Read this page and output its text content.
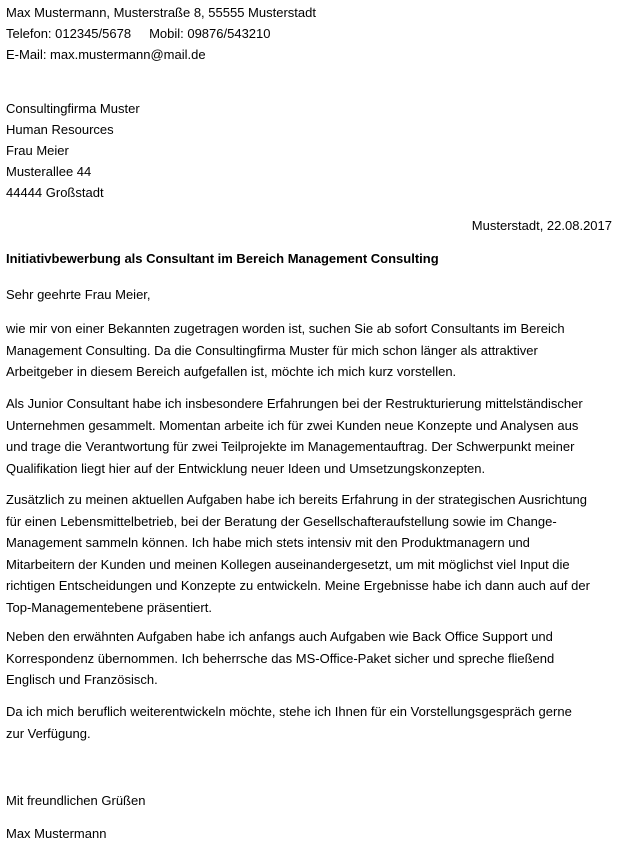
Max Mustermann, Musterstraße 8, 55555 Musterstadt
Telefon: 012345/5678 Mobil: 09876/543210
E-Mail: max.mustermann@mail.de
Consultingfirma Muster
Human Resources
Frau Meier
Musterallee 44
44444 Großstadt
Musterstadt, 22.08.2017
Initiativbewerbung als Consultant im Bereich Management Consulting
Sehr geehrte Frau Meier,
wie mir von einer Bekannten zugetragen worden ist, suchen Sie ab sofort Consultants im Bereich
Management Consulting. Da die Consultingfirma Muster für mich schon länger als attraktiver
Arbeitgeber in diesem Bereich aufgefallen ist, möchte ich mich kurz vorstellen.
Als Junior Consultant habe ich insbesondere Erfahrungen bei der Restrukturierung mittelständischer
Unternehmen gesammelt. Momentan arbeite ich für zwei Kunden neue Konzepte und Analysen aus
und trage die Verantwortung für zwei Teilprojekte im Managementauftrag. Der Schwerpunkt meiner
Qualifikation liegt hier auf der Entwicklung neuer Ideen und Umsetzungskonzepten.
Zusätzlich zu meinen aktuellen Aufgaben habe ich bereits Erfahrung in der strategischen Ausrichtung
für einen Lebensmittelbetrieb, bei der Beratung der Gesellschafteraufstellung sowie im Change-
Management sammeln können. Ich habe mich stets intensiv mit den Produktmanagern und
Mitarbeitern der Kunden und meinen Kollegen auseinandergesetzt, um mit möglichst viel Input die
richtigen Entscheidungen und Konzepte zu entwickeln. Meine Ergebnisse habe ich dann auch auf der
Top-Managementebene präsentiert.
Neben den erwähnten Aufgaben habe ich anfangs auch Aufgaben wie Back Office Support und
Korrespondenz übernommen. Ich beherrsche das MS-Office-Paket sicher und spreche fließend
Englisch und Französisch.
Da ich mich beruflich weiterentwickeln möchte, stehe ich Ihnen für ein Vorstellungsgespräch gerne
zur Verfügung.
Mit freundlichen Grüßen
Max Mustermann
